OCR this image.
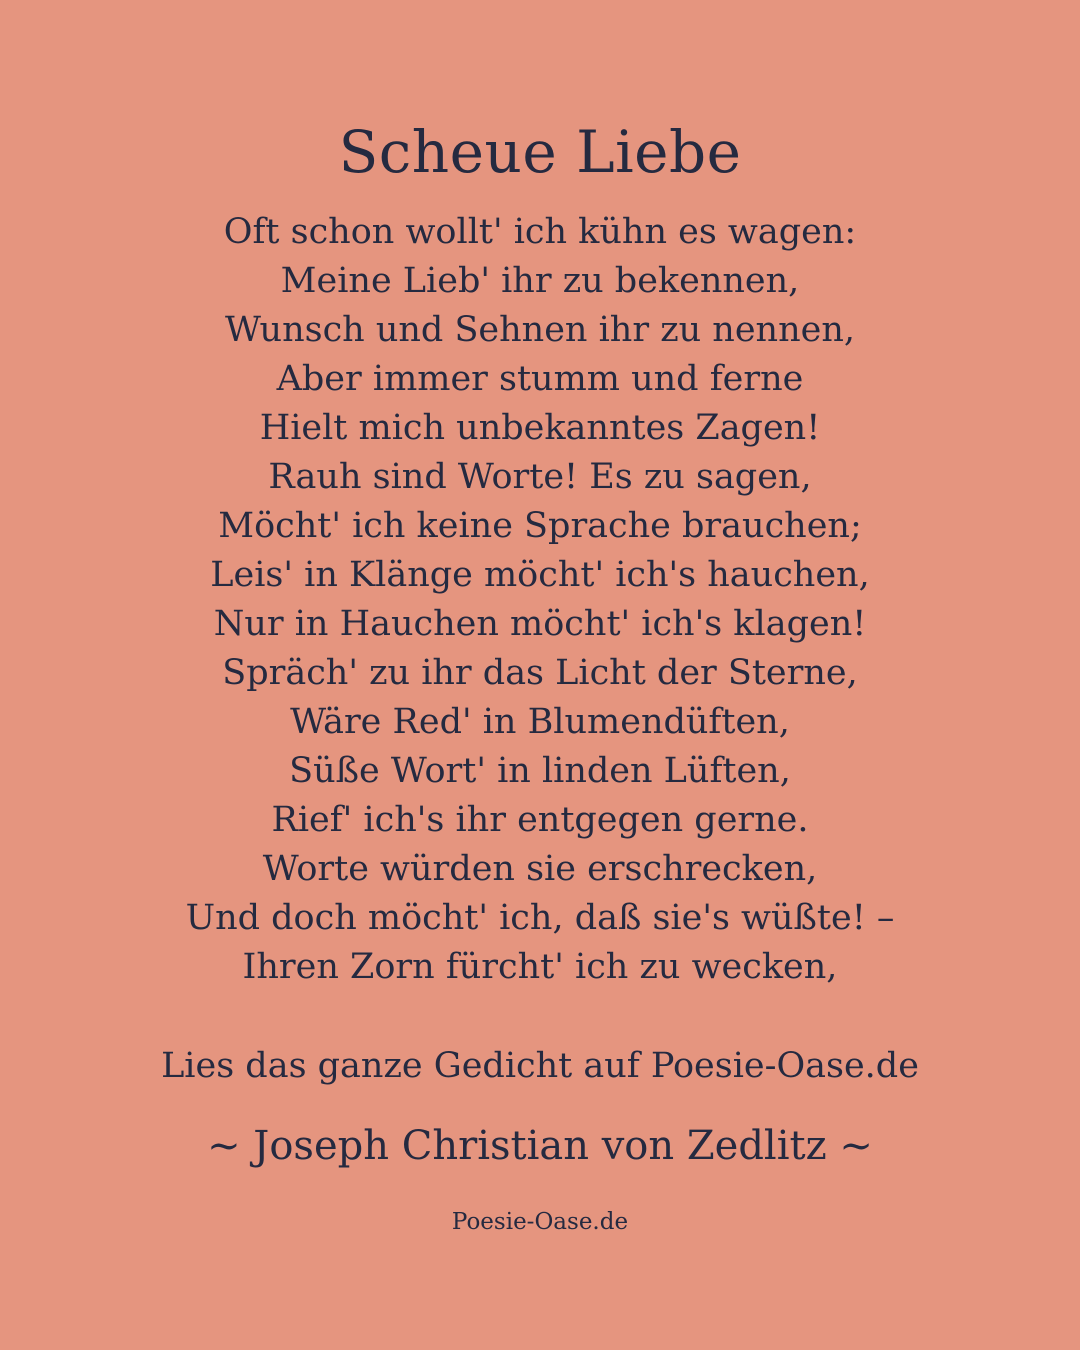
Scheue Liebe
Oft schon wollt' ich kühn es wagen:
Meine Lieb' ihr zu bekennen,
Wunsch und Sehnen ihr zu nennen,
Aber immer stumm und ferne
Hielt mich unbekanntes Zagen!
Rauh sind Worte! Es zu sagen,
Möcht' ich keine Sprache brauchen;
Leis' in Klänge möcht' ich's hauchen,
Nur in Hauchen möcht' ich's klagen!
Spräch' zu ihr das Licht der Sterne,
Wäre Red' in Blumendüften,
Süße Wort' in linden Lüften,
Rief' ich's ihr entgegen gerne.
Worte würden sie erschrecken,
Und doch möcht' ich, daß sie's wüßte! –
Ihren Zorn fürcht' ich zu wecken,
Lies das ganze Gedicht auf Poesie-Oase.de
~ Joseph Christian von Zedlitz ~
Poesie-Oase.de
